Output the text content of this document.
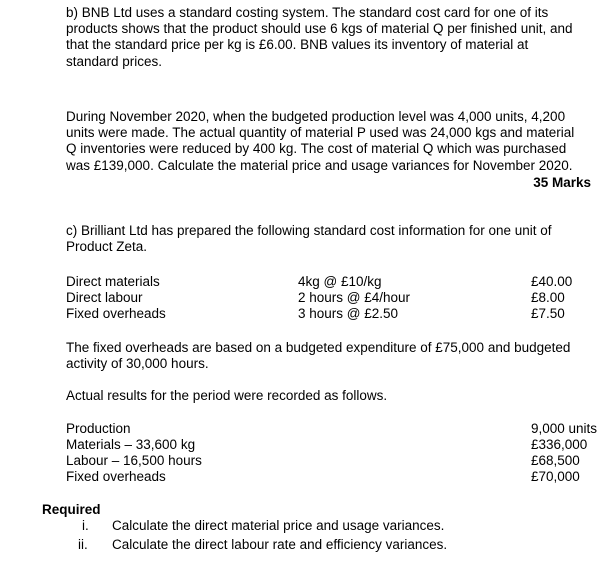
b) BNB Ltd uses a standard costing system. The standard cost card for one of its
products shows that the product should use 6 kgs of material Q per finished unit, and
that the standard price per kg is £6.00. BNB values its inventory of material at
standard prices.
During November 2020, when the budgeted production level was 4,000 units, 4,200
units were made. The actual quantity of material P used was 24,000 kgs and material
Q inventories were reduced by 400 kg. The cost of material Q which was purchased
was £139,000. Calculate the material price and usage variances for November 2020.
35 Marks
c) Brilliant Ltd has prepared the following standard cost information for one unit of
Product Zeta.
Direct materials	4kg @ £10/kg	£40.00
Direct labour	2 hours @ £4/hour	£8.00
Fixed overheads	3 hours @ £2.50	£7.50
The fixed overheads are based on a budgeted expenditure of £75,000 and budgeted
activity of 30,000 hours.
Actual results for the period were recorded as follows.
Production	9,000 units
Materials – 33,600 kg	£336,000
Labour – 16,500 hours	£68,500
Fixed overheads	£70,000
Required
i. Calculate the direct material price and usage variances.
ii. Calculate the direct labour rate and efficiency variances.
